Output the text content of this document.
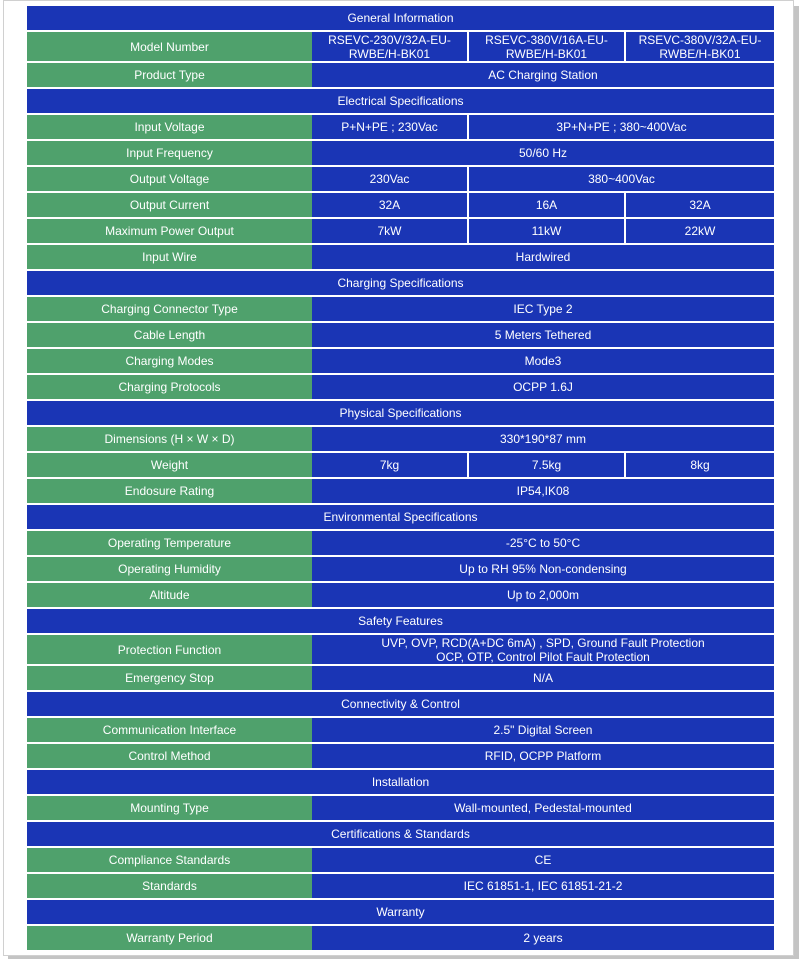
General Information			
Model Number	RSEVC-230V/32A-EU-RWBE/H-BK01	RSEVC-380V/16A-EU-RWBE/H-BK01	RSEVC-380V/32A-EU-RWBE/H-BK01
Product Type	AC Charging Station		
Electrical Specifications			
Input Voltage	P+N+PE ; 230Vac	3P+N+PE ; 380~400Vac	
Input Frequency	50/60 Hz		
Output Voltage	230Vac	380~400Vac	
Output Current	32A	16A	32A
Maximum Power Output	7kW	11kW	22kW
Input Wire	Hardwired		
Charging Specifications			
Charging Connector Type	IEC Type 2		
Cable Length	5 Meters Tethered		
Charging Modes	Mode3		
Charging Protocols	OCPP 1.6J		
Physical Specifications			
Dimensions (H × W × D)	330*190*87 mm		
Weight	7kg	7.5kg	8kg
Endosure Rating	IP54,IK08		
Environmental Specifications			
Operating Temperature	-25°C to 50°C		
Operating Humidity	Up to RH 95% Non-condensing		
Altitude	Up to 2,000m		
Safety Features			
Protection Function	UVP, OVP, RCD(A+DC 6mA) , SPD, Ground Fault Protection
OCP, OTP, Control Pilot Fault Protection		

Emergency Stop	N/A		
Connectivity & Control			
Communication Interface	2.5" Digital Screen		
Control Method	RFID, OCPP Platform		
Installation			
Mounting Type	Wall-mounted, Pedestal-mounted		
Certifications & Standards			
Compliance Standards	CE		
Standards	IEC 61851-1, IEC 61851-21-2		
Warranty			
Warranty Period	2 years		
